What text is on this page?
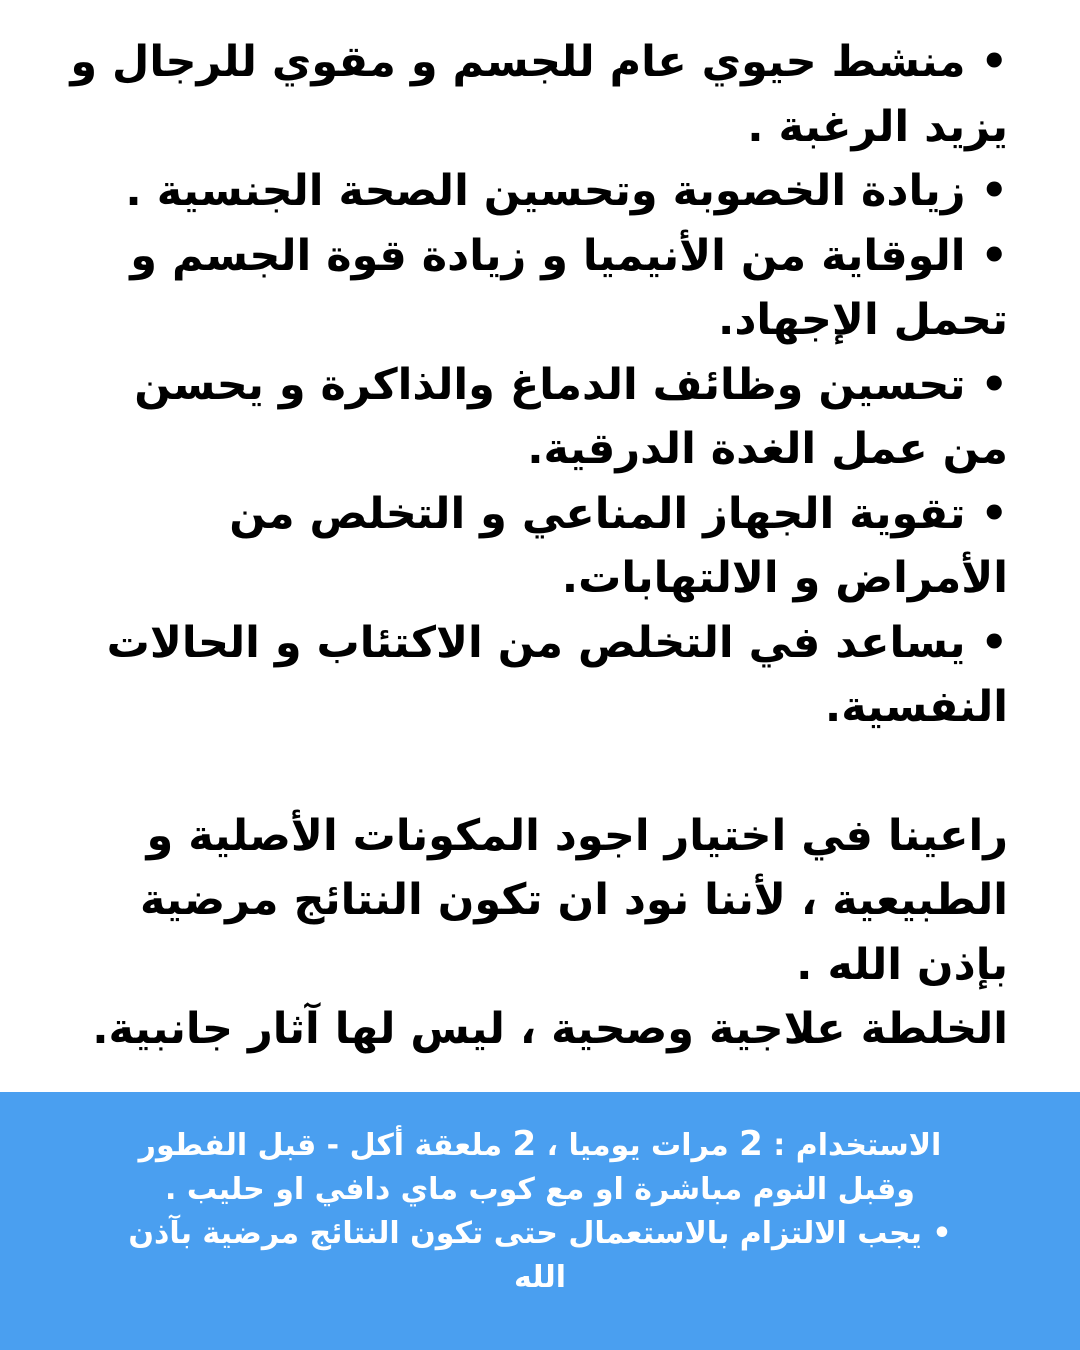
• منشط حيوي عام للجسم و مقوي للرجال و يزيد الرغبة .
• زيادة الخصوبة وتحسين الصحة الجنسية .
• الوقاية من الأنيميا و زيادة قوة الجسم و تحمل الإجهاد.
• تحسين وظائف الدماغ والذاكرة و يحسن من عمل الغدة الدرقية.
• تقوية الجهاز المناعي و التخلص من الأمراض و الالتهابات.
• يساعد في التخلص من الاكتئاب و الحالات النفسية.

راعينا في اختيار اجود المكونات الأصلية و الطبيعية ، لأننا نود ان تكون النتائج مرضية بإذن الله .

الخلطة علاجية وصحية ، ليس لها آثار جانبية.

الاستخدام : 2 مرات يوميا ، 2 ملعقة أكل - قبل الفطور وقبل النوم مباشرة او مع كوب ماي دافي او حليب .

• يجب الالتزام بالاستعمال حتى تكون النتائج مرضية بآذن الله
